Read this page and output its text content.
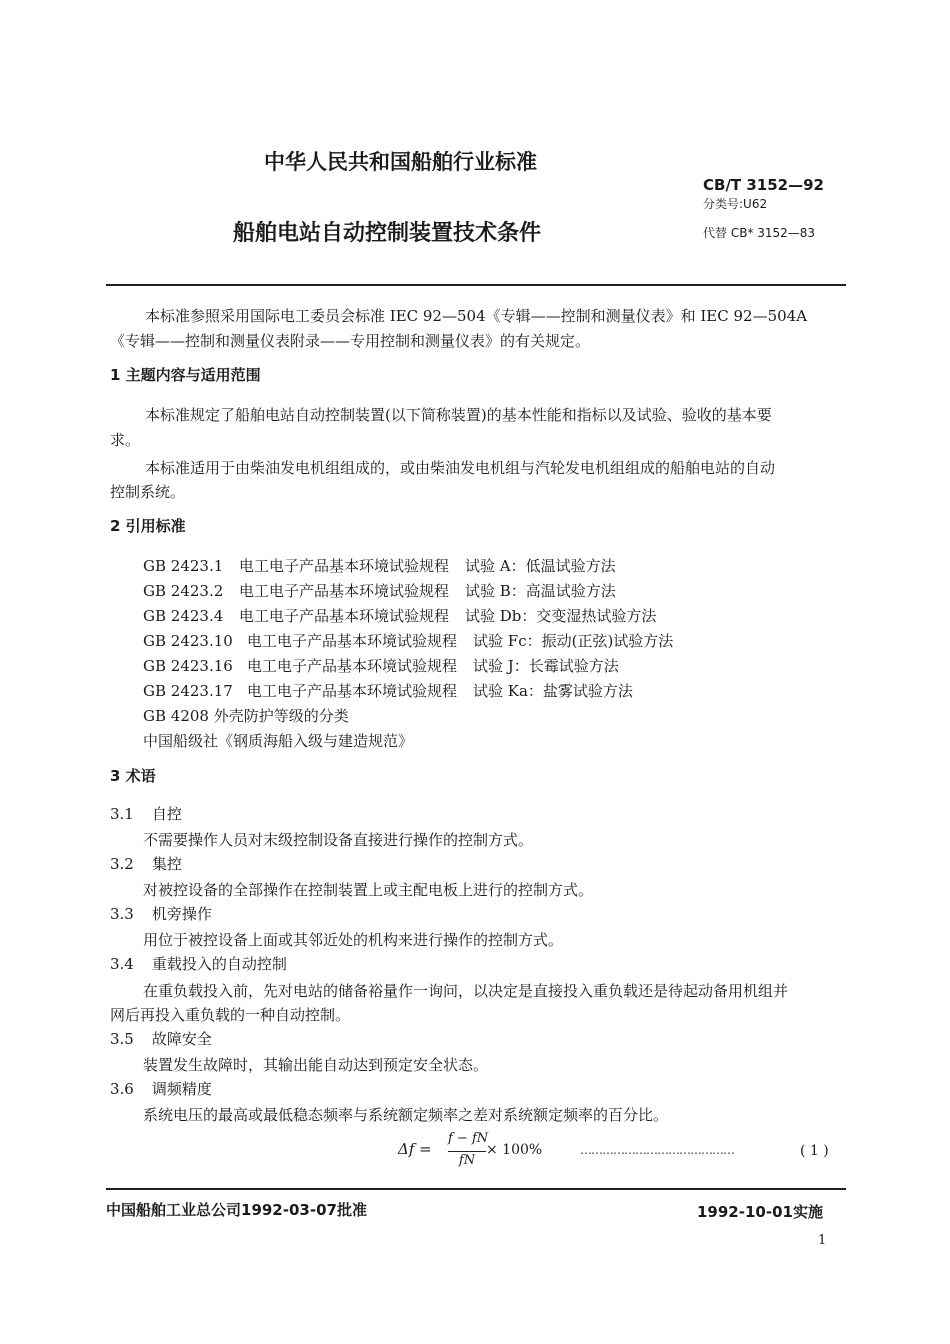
中华人民共和国船舶行业标准
CB/T 3152—92
分类号:U62
船舶电站自动控制装置技术条件	代替 CB* 3152—83
本标准参照采用国际电工委员会标准 IEC 92—504《专辑——控制和测量仪表》和 IEC 92—504A
《专辑——控制和测量仪表附录——专用控制和测量仪表》的有关规定。
1 主题内容与适用范围
本标准规定了船舶电站自动控制装置(以下简称装置)的基本性能和指标以及试验、验收的基本要
求。
本标准适用于由柴油发电机组组成的，或由柴油发电机组与汽轮发电机组组成的船舶电站的自动
控制系统。
2 引用标准
GB 2423.1 电工电子产品基本环境试验规程 试验 A：低温试验方法
GB 2423.2 电工电子产品基本环境试验规程 试验 B：高温试验方法
GB 2423.4 电工电子产品基本环境试验规程 试验 Db：交变湿热试验方法
GB 2423.10 电工电子产品基本环境试验规程 试验 Fc：振动(正弦)试验方法
GB 2423.16 电工电子产品基本环境试验规程 试验 J：长霉试验方法
GB 2423.17 电工电子产品基本环境试验规程 试验 Ka：盐雾试验方法
GB 4208 外壳防护等级的分类
中国船级社《钢质海船入级与建造规范》
3 术语
3.1 自控
不需要操作人员对末级控制设备直接进行操作的控制方式。
3.2 集控
对被控设备的全部操作在控制装置上或主配电板上进行的控制方式。
3.3 机旁操作
用位于被控设备上面或其邻近处的机构来进行操作的控制方式。
3.4 重载投入的自动控制
在重负载投入前，先对电站的储备裕量作一询问，以决定是直接投入重负载还是待起动备用机组并
网后再投入重负载的一种自动控制。
3.5 故障安全
装置发生故障时，其输出能自动达到预定安全状态。
3.6 调频精度
系统电压的最高或最低稳态频率与系统额定频率之差对系统额定频率的百分比。
Δf =
f − fN
fN
× 100%	……………………………………	( 1 )
中国船舶工业总公司1992-03-07批准	1992-10-01实施
1
